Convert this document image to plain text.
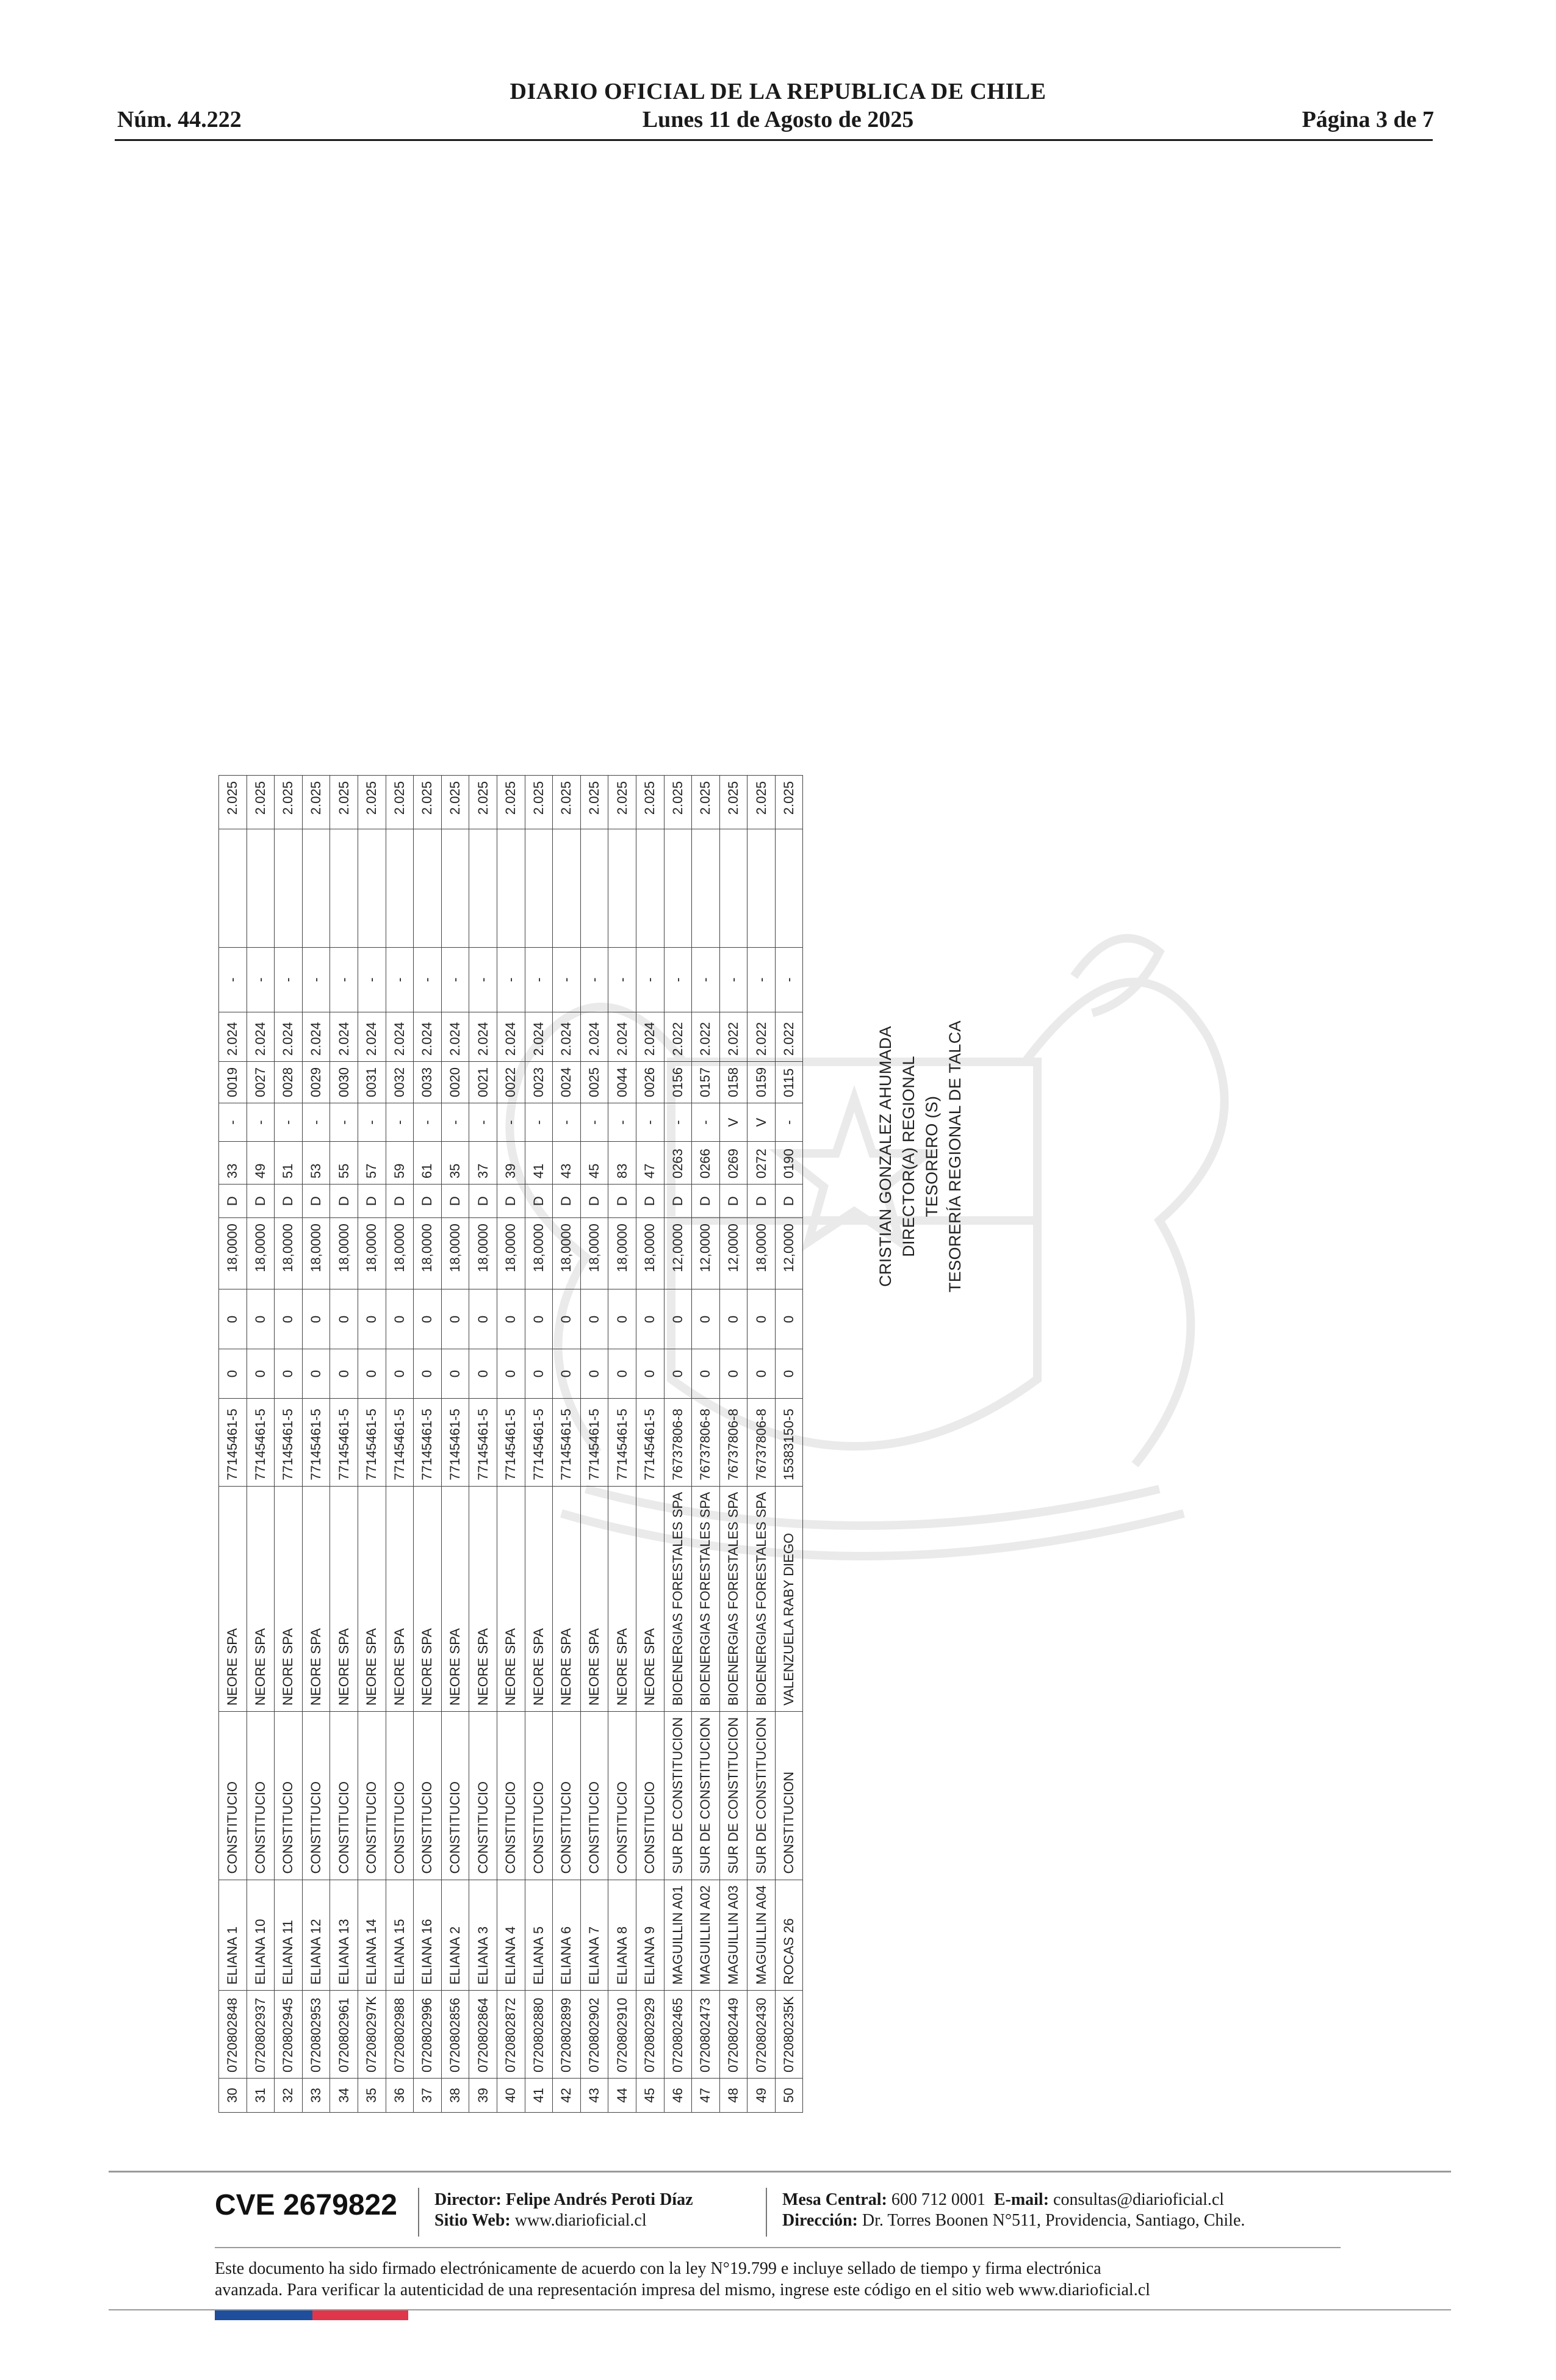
DIARIO OFICIAL DE LA REPUBLICA DE CHILE
Núm. 44.222	Lunes 11 de Agosto de 2025	Página 3 de 7
30	0720802848	ELIANA 1	CONSTITUCIO	NEORE SPA	77145461-5	0	0	18,0000	D	33	-	0019	2.024	-		2.025
31	0720802937	ELIANA 10	CONSTITUCIO	NEORE SPA	77145461-5	0	0	18,0000	D	49	-	0027	2.024	-		2.025
32	0720802945	ELIANA 11	CONSTITUCIO	NEORE SPA	77145461-5	0	0	18,0000	D	51	-	0028	2.024	-		2.025
33	0720802953	ELIANA 12	CONSTITUCIO	NEORE SPA	77145461-5	0	0	18,0000	D	53	-	0029	2.024	-		2.025
34	0720802961	ELIANA 13	CONSTITUCIO	NEORE SPA	77145461-5	0	0	18,0000	D	55	-	0030	2.024	-		2.025
35	072080297K	ELIANA 14	CONSTITUCIO	NEORE SPA	77145461-5	0	0	18,0000	D	57	-	0031	2.024	-		2.025
36	0720802988	ELIANA 15	CONSTITUCIO	NEORE SPA	77145461-5	0	0	18,0000	D	59	-	0032	2.024	-		2.025
37	0720802996	ELIANA 16	CONSTITUCIO	NEORE SPA	77145461-5	0	0	18,0000	D	61	-	0033	2.024	-		2.025
38	0720802856	ELIANA 2	CONSTITUCIO	NEORE SPA	77145461-5	0	0	18,0000	D	35	-	0020	2.024	-		2.025
39	0720802864	ELIANA 3	CONSTITUCIO	NEORE SPA	77145461-5	0	0	18,0000	D	37	-	0021	2.024	-		2.025
40	0720802872	ELIANA 4	CONSTITUCIO	NEORE SPA	77145461-5	0	0	18,0000	D	39	-	0022	2.024	-		2.025
41	0720802880	ELIANA 5	CONSTITUCIO	NEORE SPA	77145461-5	0	0	18,0000	D	41	-	0023	2.024	-		2.025
42	0720802899	ELIANA 6	CONSTITUCIO	NEORE SPA	77145461-5	0	0	18,0000	D	43	-	0024	2.024	-		2.025
43	0720802902	ELIANA 7	CONSTITUCIO	NEORE SPA	77145461-5	0	0	18,0000	D	45	-	0025	2.024	-		2.025
44	0720802910	ELIANA 8	CONSTITUCIO	NEORE SPA	77145461-5	0	0	18,0000	D	83	-	0044	2.024	-		2.025
45	0720802929	ELIANA 9	CONSTITUCIO	NEORE SPA	77145461-5	0	0	18,0000	D	47	-	0026	2.024	-		2.025
46	0720802465	MAGUILLIN A01	SUR DE CONSTITUCION	BIOENERGIAS FORESTALES SPA	76737806-8	0	0	12,0000	D	0263	-	0156	2.022	-		2.025
47	0720802473	MAGUILLIN A02	SUR DE CONSTITUCION	BIOENERGIAS FORESTALES SPA	76737806-8	0	0	12,0000	D	0266	-	0157	2.022	-		2.025
48	0720802449	MAGUILLIN A03	SUR DE CONSTITUCION	BIOENERGIAS FORESTALES SPA	76737806-8	0	0	12,0000	D	0269	V	0158	2.022	-		2.025
49	0720802430	MAGUILLIN A04	SUR DE CONSTITUCION	BIOENERGIAS FORESTALES SPA	76737806-8	0	0	18,0000	D	0272	V	0159	2.022	-		2.025
50	072080235K	ROCAS 26	CONSTITUCION	VALENZUELA RABY DIEGO	15383150-5	0	0	12,0000	D	0190	-	0115	2.022	-		2.025
CRISTIAN GONZALEZ AHUMADA DIRECTOR(A) REGIONAL TESORERO (S) TESORERÍA REGIONAL DE TALCA
CVE 2679822 Director: Felipe Andrés Peroti Díaz
Sitio Web: www.diarioficial.cl
Mesa Central: 600 712 0001 E-mail: consultas@diarioficial.cl
Dirección: Dr. Torres Boonen N°511, Providencia, Santiago, Chile.
Este documento ha sido firmado electrónicamente de acuerdo con la ley N°19.799 e incluye sellado de tiempo y firma electrónica
avanzada. Para verificar la autenticidad de una representación impresa del mismo, ingrese este código en el sitio web www.diarioficial.cl
